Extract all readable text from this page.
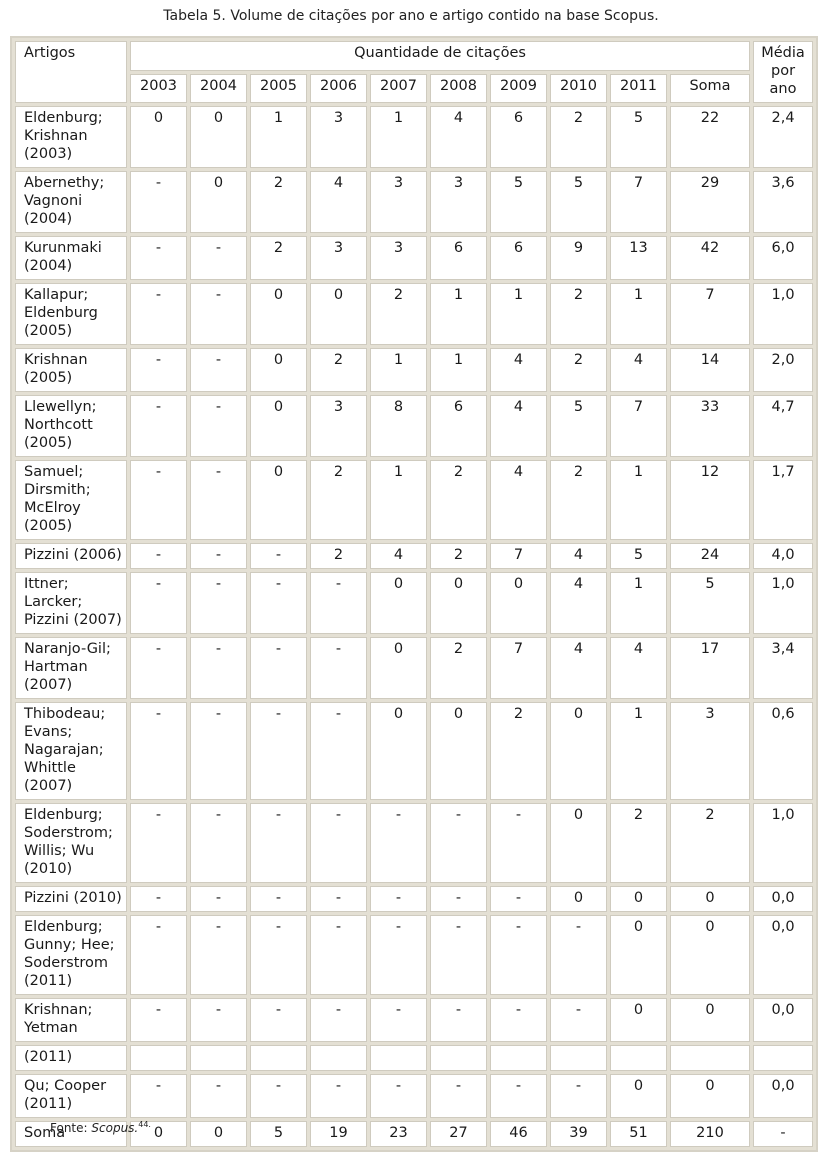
Tabela 5. Volume de citações por ano e artigo contido na base Scopus.
Artigos	Quantidade de citações										Média por ano
	2003	2004	2005	2006	2007	2008	2009	2010	2011	Soma	
Eldenburg; Krishnan (2003)	0	0	1	3	1	4	6	2	5	22	2,4
Abernethy; Vagnoni (2004)	-	0	2	4	3	3	5	5	7	29	3,6
Kurunmaki (2004)	-	-	2	3	3	6	6	9	13	42	6,0
Kallapur; Eldenburg (2005)	-	-	0	0	2	1	1	2	1	7	1,0
Krishnan (2005)	-	-	0	2	1	1	4	2	4	14	2,0
Llewellyn; Northcott (2005)	-	-	0	3	8	6	4	5	7	33	4,7
Samuel; Dirsmith; McElroy (2005)	-	-	0	2	1	2	4	2	1	12	1,7
Pizzini (2006)	-	-	-	2	4	2	7	4	5	24	4,0
Ittner; Larcker; Pizzini (2007)	-	-	-	-	0	0	0	4	1	5	1,0
Naranjo-Gil; Hartman (2007)	-	-	-	-	0	2	7	4	4	17	3,4
Thibodeau; Evans; Nagarajan; Whittle (2007)	-	-	-	-	0	0	2	0	1	3	0,6
Eldenburg; Soderstrom; Willis; Wu (2010)	-	-	-	-	-	-	-	0	2	2	1,0
Pizzini (2010)	-	-	-	-	-	-	-	0	0	0	0,0
Eldenburg; Gunny; Hee; Soderstrom (2011)	-	-	-	-	-	-	-	-	0	0	0,0
Krishnan; Yetman	-	-	-	-	-	-	-	-	0	0	0,0
(2011)											
Qu; Cooper (2011)	-	-	-	-	-	-	-	-	0	0	0,0
Soma	0	0	5	19	23	27	46	39	51	210	-
Fonte: Scopus.$^{44.}$
